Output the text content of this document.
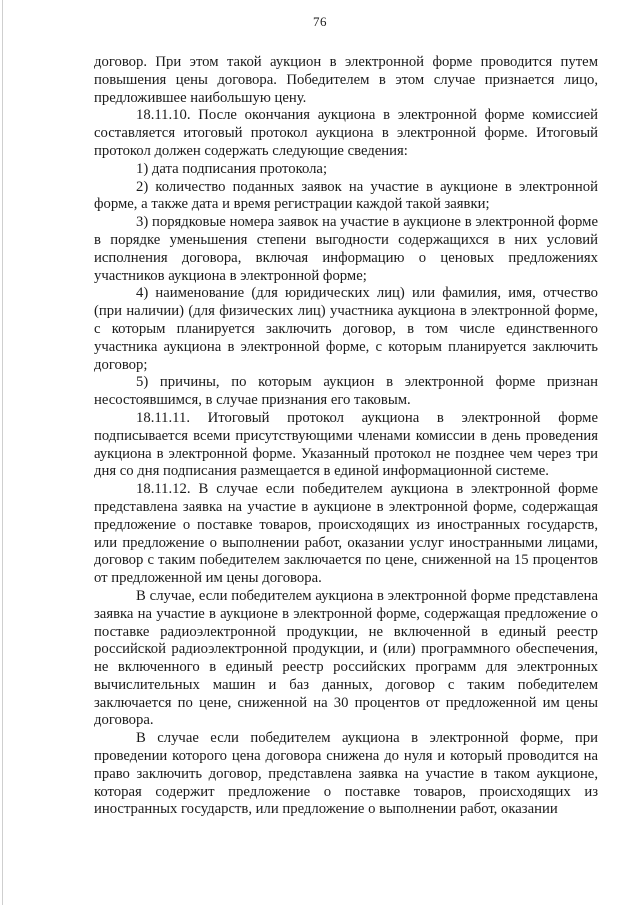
76

договор. При этом такой аукцион в электронной форме проводится путем повышения цены договора. Победителем в этом случае признается лицо, предложившее наибольшую цену.

18.11.10. После окончания аукциона в электронной форме комиссией составляется итоговый протокол аукциона в электронной форме. Итоговый протокол должен содержать следующие сведения:

1) дата подписания протокола;

2) количество поданных заявок на участие в аукционе в электронной форме, а также дата и время регистрации каждой такой заявки;

3) порядковые номера заявок на участие в аукционе в электронной форме в порядке уменьшения степени выгодности содержащихся в них условий исполнения договора, включая информацию о ценовых предложениях участников аукциона в электронной форме;

4) наименование (для юридических лиц) или фамилия, имя, отчество (при наличии) (для физических лиц) участника аукциона в электронной форме, с которым планируется заключить договор, в том числе единственного участника аукциона в электронной форме, с которым планируется заключить договор;

5) причины, по которым аукцион в электронной форме признан несостоявшимся, в случае признания его таковым.

18.11.11. Итоговый протокол аукциона в электронной форме подписывается всеми присутствующими членами комиссии в день проведения аукциона в электронной форме. Указанный протокол не позднее чем через три дня со дня подписания размещается в единой информационной системе.

18.11.12. В случае если победителем аукциона в электронной форме представлена заявка на участие в аукционе в электронной форме, содержащая предложение о поставке товаров, происходящих из иностранных государств, или предложение о выполнении работ, оказании услуг иностранными лицами, договор с таким победителем заключается по цене, сниженной на 15 процентов от предложенной им цены договора.

В случае, если победителем аукциона в электронной форме представлена заявка на участие в аукционе в электронной форме, содержащая предложение о поставке радиоэлектронной продукции, не включенной в единый реестр российской радиоэлектронной продукции, и (или) программного обеспечения, не включенного в единый реестр российских программ для электронных вычислительных машин и баз данных, договор с таким победителем заключается по цене, сниженной на 30 процентов от предложенной им цены договора.

В случае если победителем аукциона в электронной форме, при проведении которого цена договора снижена до нуля и который проводится на право заключить договор, представлена заявка на участие в таком аукционе, которая содержит предложение о поставке товаров, происходящих из иностранных государств, или предложение о выполнении работ, оказании
